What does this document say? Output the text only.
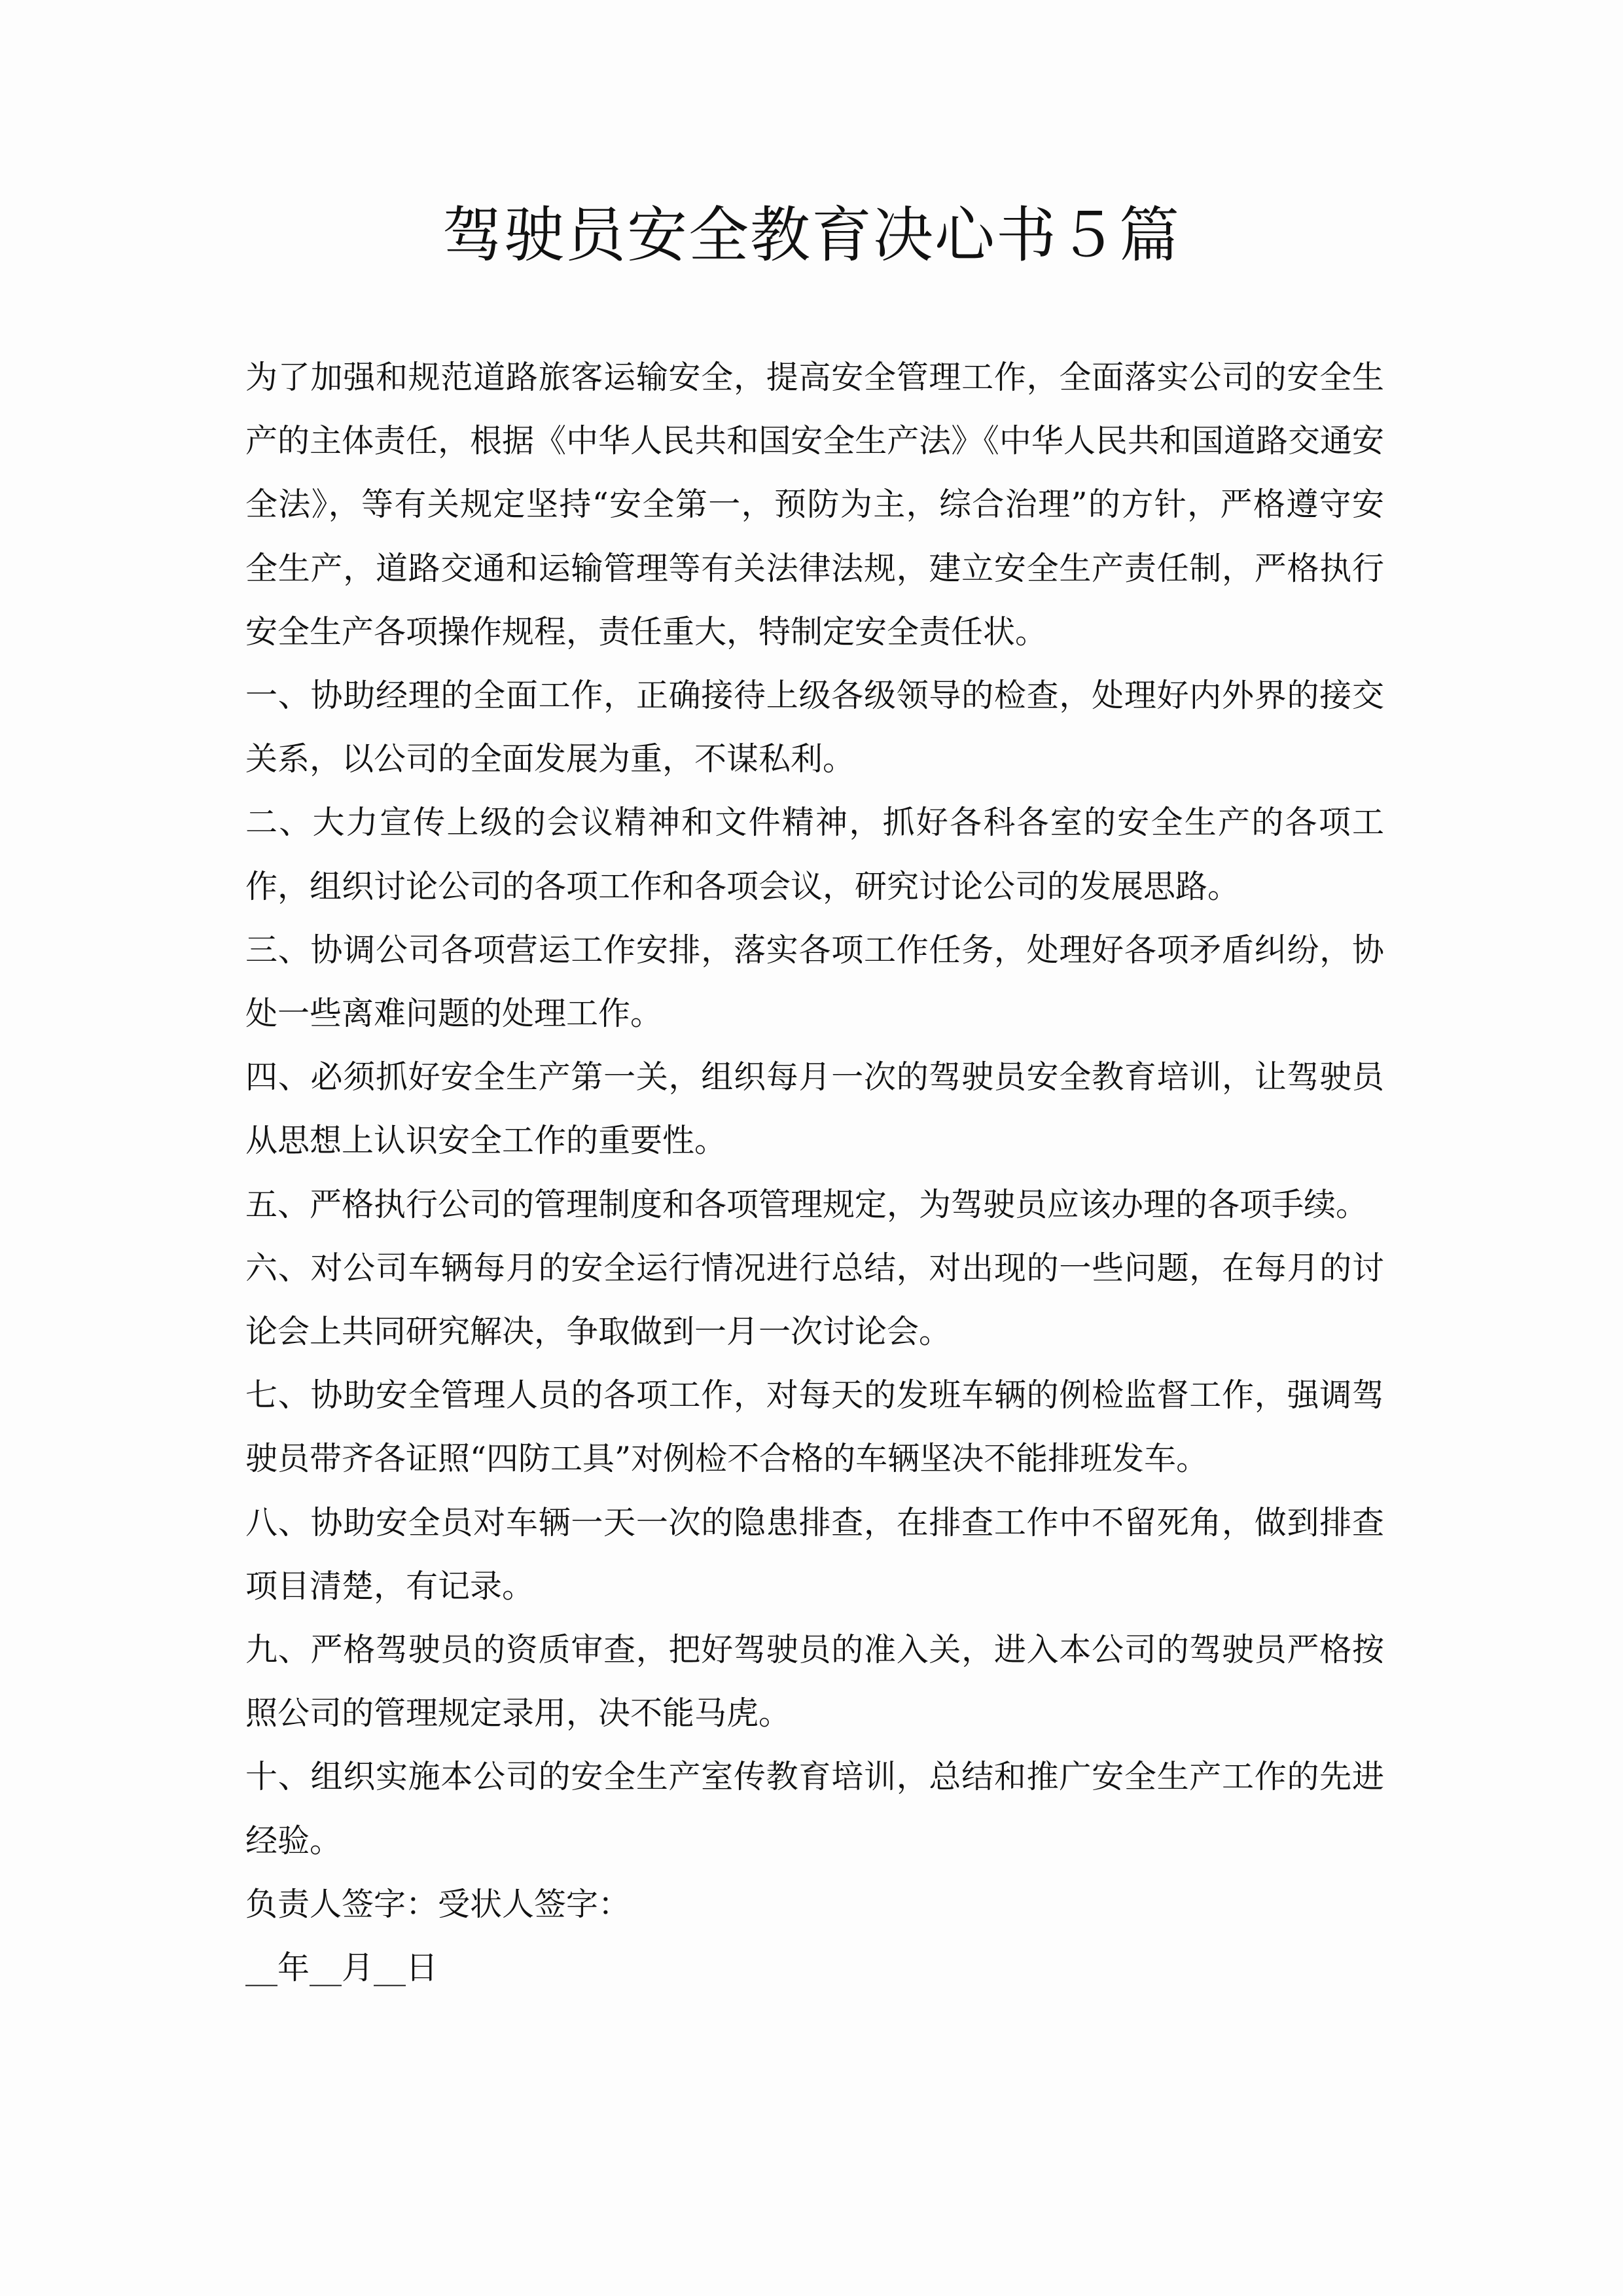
驾驶员安全教育决心书５篇

为了加强和规范道路旅客运输安全，提高安全管理工作，全面落实公司的安全生产的主体责任，根据《中华人民共和国安全生产法》《中华人民共和国道路交通安全法》，等有关规定坚持“安全第一，预防为主，综合治理”的方针，严格遵守安全生产，道路交通和运输管理等有关法律法规，建立安全生产责任制，严格执行安全生产各项操作规程，责任重大，特制定安全责任状。

一、协助经理的全面工作，正确接待上级各级领导的检查，处理好内外界的接交关系，以公司的全面发展为重，不谋私利。

二、大力宣传上级的会议精神和文件精神，抓好各科各室的安全生产的各项工作，组织讨论公司的各项工作和各项会议，研究讨论公司的发展思路。

三、协调公司各项营运工作安排，落实各项工作任务，处理好各项矛盾纠纷，协处一些离难问题的处理工作。

四、必须抓好安全生产第一关，组织每月一次的驾驶员安全教育培训，让驾驶员从思想上认识安全工作的重要性。

五、严格执行公司的管理制度和各项管理规定，为驾驶员应该办理的各项手续。

六、对公司车辆每月的安全运行情况进行总结，对出现的一些问题，在每月的讨论会上共同研究解决，争取做到一月一次讨论会。

七、协助安全管理人员的各项工作，对每天的发班车辆的例检监督工作，强调驾驶员带齐各证照“四防工具”对例检不合格的车辆坚决不能排班发车。

八、协助安全员对车辆一天一次的隐患排查，在排查工作中不留死角，做到排查项目清楚，有记录。

九、严格驾驶员的资质审查，把好驾驶员的准入关，进入本公司的驾驶员严格按照公司的管理规定录用，决不能马虎。

十、组织实施本公司的安全生产室传教育培训，总结和推广安全生产工作的先进经验。

负责人签字：受状人签字：

__年__月__日
